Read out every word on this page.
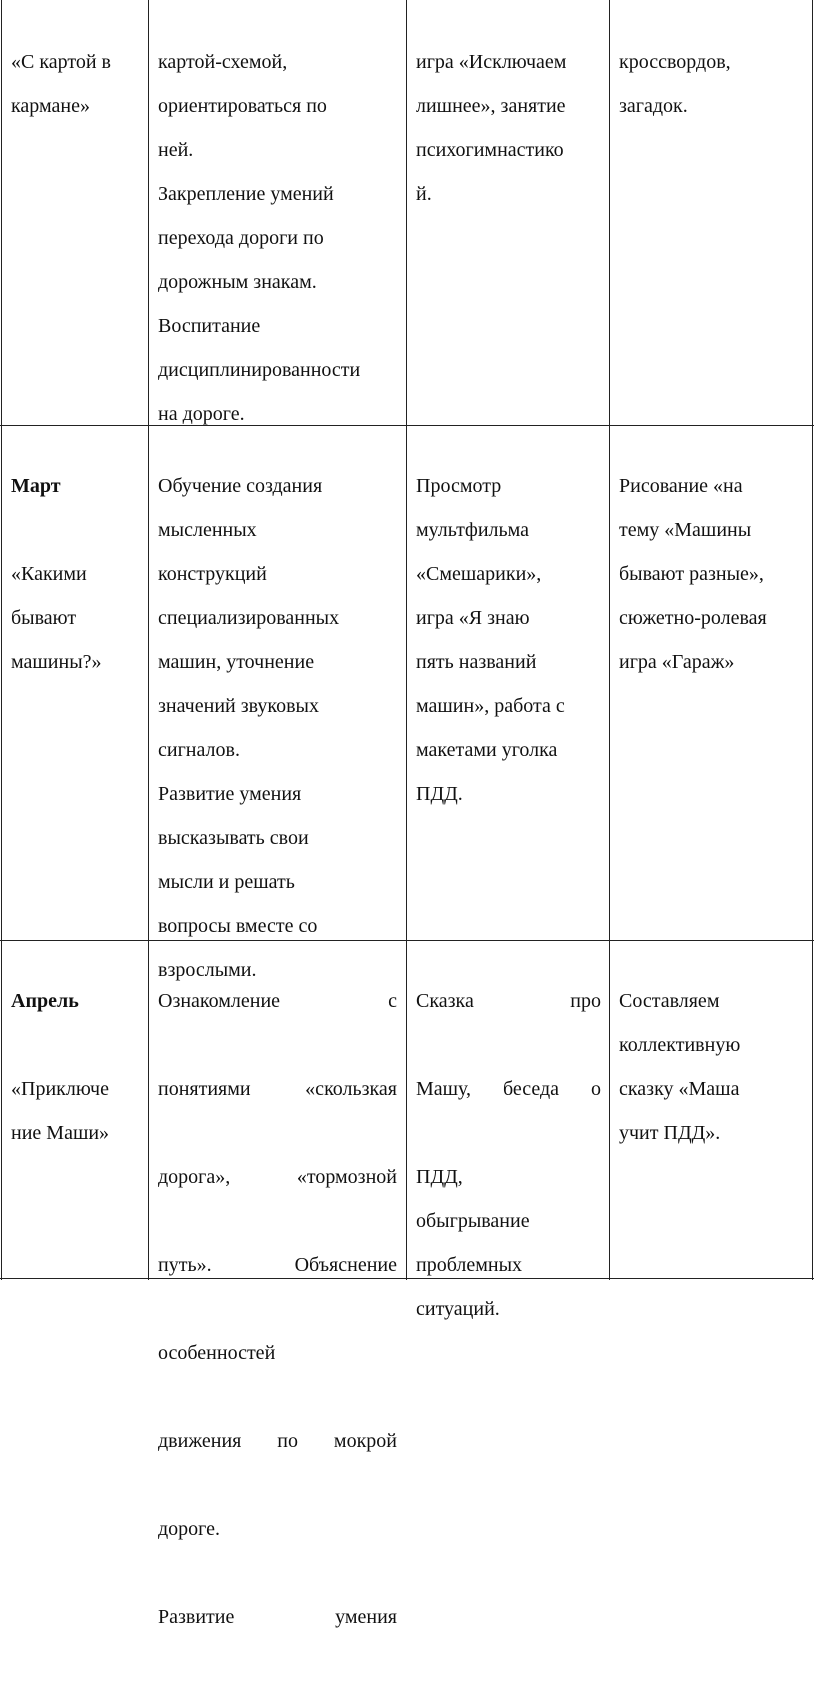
«С картой в
кармане»

картой-схемой,
ориентироваться по
ней.
Закрепление умений
перехода дороги по
дорожным знакам.
Воспитание
дисциплинированности
на дороге.

игра «Исключаем
лишнее», занятие
психогимнастико
й.

кроссвордов,
загадок.

Март

«Какими
бывают
машины?»

Обучение создания
мысленных
конструкций
специализированных
машин, уточнение
значений звуковых
сигналов.
Развитие умения
высказывать свои
мысли и решать
вопросы вместе со
взрослыми.

Просмотр
мультфильма
«Смешарики»,
игра «Я знаю
пять названий
машин», работа с
макетами уголка
ПДД.

Рисование «на
тему «Машины
бывают разные»,
сюжетно-ролевая
игра «Гараж»

Апрель

«Приключе
ние Маши»

Ознакомление с

понятиями «скользкая

дорога», «тормозной

путь». Объяснение

особенностей

движения по мокрой

дороге.

Развитие умения

Сказка про

Машу, беседа о

ПДД,
обыгрывание
проблемных
ситуаций.

Составляем
коллективную
сказку «Маша
учит ПДД».
